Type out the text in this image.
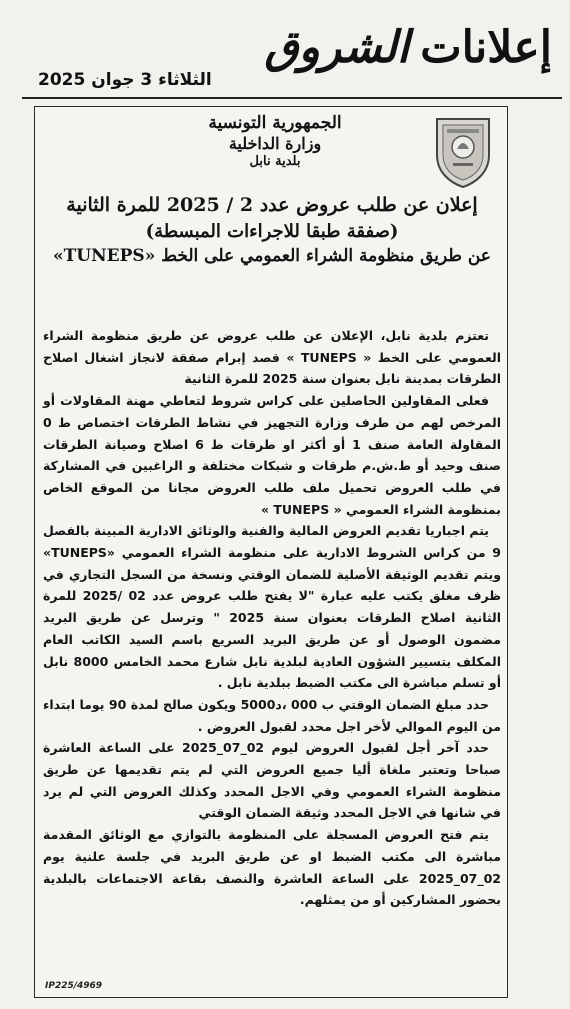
إعلانات الشروق
الثلاثاء 3 جوان 2025
الجمهورية التونسية
وزارة الداخلية
بلدية نابل
إعلان عن طلب عروض عدد 2 / 2025 للمرة الثانية
(صفقة طبقا للاجراءات المبسطة)
عن طريق منظومة الشراء العمومي على الخط «TUNEPS»

تعتزم بلدية نابل، الإعلان عن طلب عروض عن طريق منظومة الشراء العمومي على الخط « TUNEPS » قصد إبرام صفقة لانجاز اشغال اصلاح الطرقات بمدينة نابل بعنوان سنة 2025 للمرة الثانية

فعلى المقاولين الحاصلين على كراس شروط لتعاطي مهنة المقاولات أو المرخص لهم من طرف وزارة التجهيز في نشاط الطرقات اختصاص ط 0 المقاولة العامة صنف 1 أو أكثر او طرقات ط 6 اصلاح وصيانة الطرقات صنف وحيد أو ط.ش.م طرقات و شبكات مختلفة و الراغبين في المشاركة في طلب العروض تحميل ملف طلب العروض مجانا من الموقع الخاص بمنظومة الشراء العمومي « TUNEPS »

يتم اجباريا تقديم العروض المالية والفنية والوثائق الادارية المبينة بالفصل 9 من كراس الشروط الادارية على منظومة الشراء العمومي «TUNEPS» ويتم تقديم الوثيقة الأصلية للضمان الوقتي ونسخة من السجل التجاري في ظرف مغلق يكتب عليه عبارة "لا يفتح طلب عروض عدد 02 /2025 للمرة الثانية اصلاح الطرقات بعنوان سنة 2025 " وترسل عن طريق البريد مضمون الوصول أو عن طريق البريد السريع باسم السيد الكاتب العام المكلف بتسيير الشؤون العادية لبلدية نابل شارع محمد الخامس 8000 نابل أو تسلم مباشرة الى مكتب الضبط ببلدية نابل .

حدد مبلغ الضمان الوقتي ب 000 ،د5000 ويكون صالح لمدة 90 يوما ابتداء من اليوم الموالي لأخر اجل محدد لقبول العروض .

حدد آخر أجل لقبول العروض ليوم 02_07_2025 على الساعة العاشرة صباحا وتعتبر ملغاة أليا جميع العروض التي لم يتم تقديمها عن طريق منظومة الشراء العمومي وفي الاجل المحدد وكذلك العروض التي لم يرد في شانها في الاجل المحدد وثيقة الضمان الوقتي

يتم فتح العروض المسجلة على المنظومة بالتوازي مع الوثائق المقدمة مباشرة الى مكتب الضبط او عن طريق البريد في جلسة علنية يوم 02_07_2025 على الساعة العاشرة والنصف بقاعة الاجتماعات بالبلدية بحضور المشاركين أو من يمثلهم.

IP225/4969
